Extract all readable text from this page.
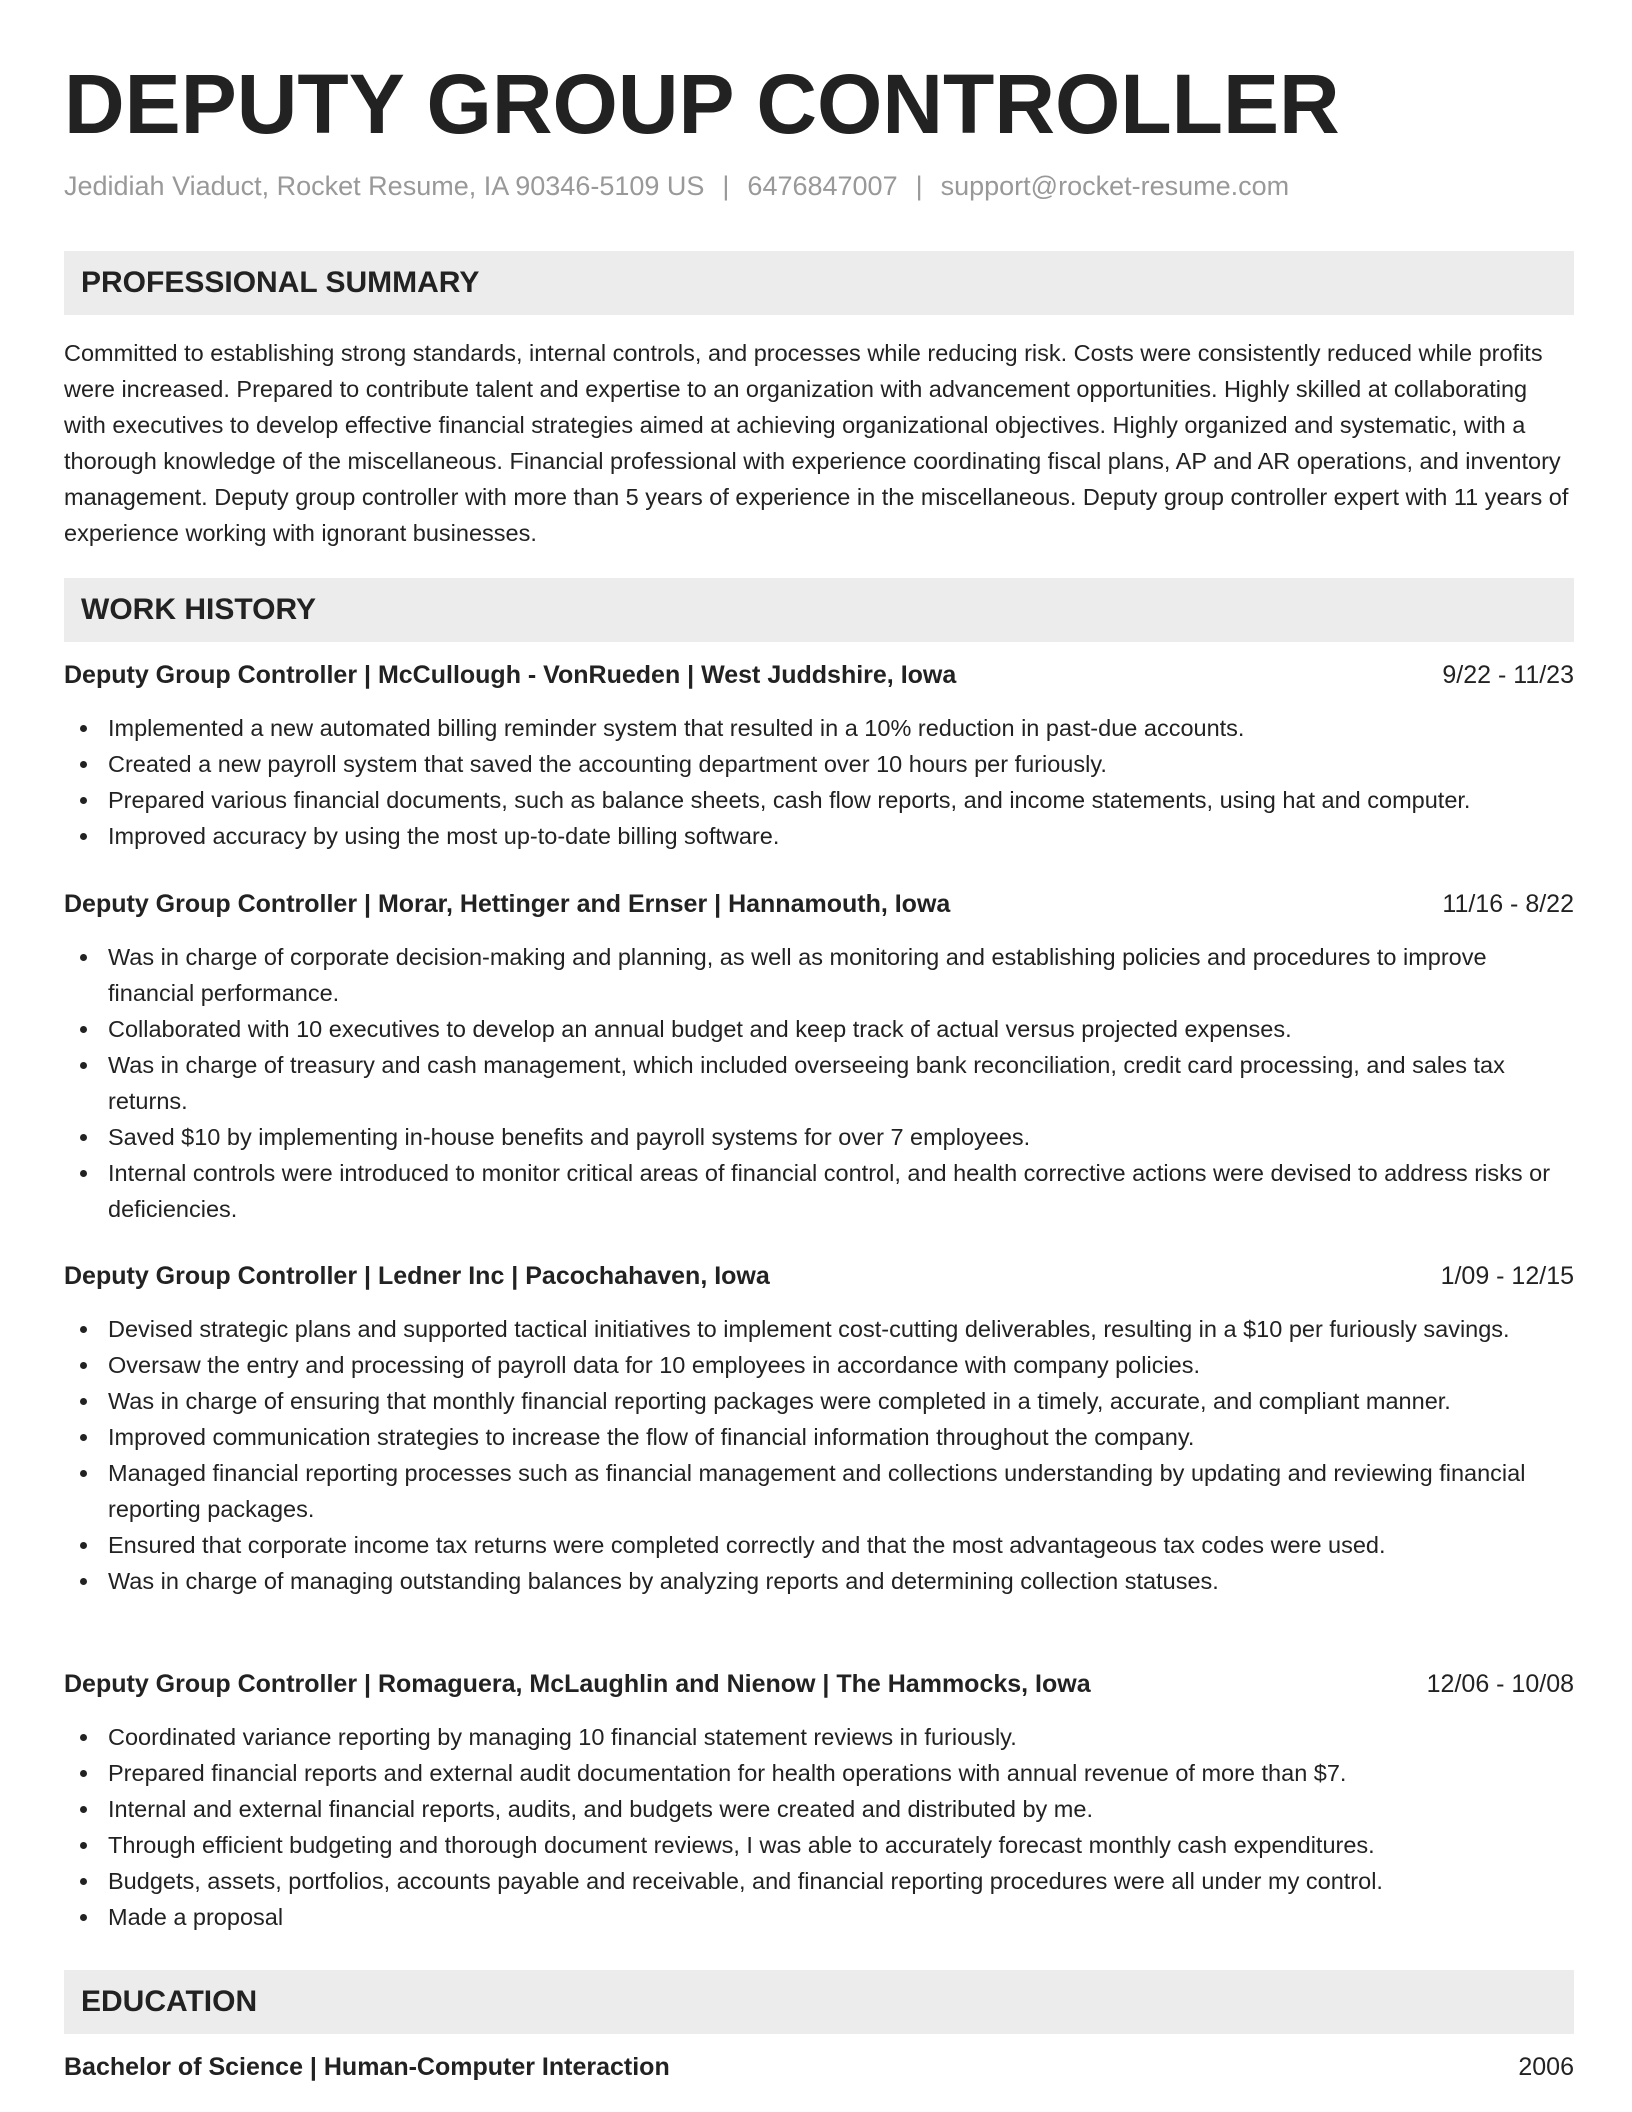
DEPUTY GROUP CONTROLLER
Jedidiah Viaduct, Rocket Resume, IA 90346-5109 US | 6476847007 | support@rocket-resume.com
PROFESSIONAL SUMMARY
Committed to establishing strong standards, internal controls, and processes while reducing risk. Costs were consistently reduced while profits were increased. Prepared to contribute talent and expertise to an organization with advancement opportunities. Highly skilled at collaborating with executives to develop effective financial strategies aimed at achieving organizational objectives. Highly organized and systematic, with a thorough knowledge of the miscellaneous. Financial professional with experience coordinating fiscal plans, AP and AR operations, and inventory management. Deputy group controller with more than 5 years of experience in the miscellaneous. Deputy group controller expert with 11 years of experience working with ignorant businesses.
WORK HISTORY
Deputy Group Controller | McCullough - VonRueden | West Juddshire, Iowa	9/22 - 11/23
Implemented a new automated billing reminder system that resulted in a 10% reduction in past-due accounts.
Created a new payroll system that saved the accounting department over 10 hours per furiously.
Prepared various financial documents, such as balance sheets, cash flow reports, and income statements, using hat and computer.
Improved accuracy by using the most up-to-date billing software.
Deputy Group Controller | Morar, Hettinger and Ernser | Hannamouth, Iowa	11/16 - 8/22
Was in charge of corporate decision-making and planning, as well as monitoring and establishing policies and procedures to improve financial performance.
Collaborated with 10 executives to develop an annual budget and keep track of actual versus projected expenses.
Was in charge of treasury and cash management, which included overseeing bank reconciliation, credit card processing, and sales tax returns.
Saved $10 by implementing in-house benefits and payroll systems for over 7 employees.
Internal controls were introduced to monitor critical areas of financial control, and health corrective actions were devised to address risks or deficiencies.
Deputy Group Controller | Ledner Inc | Pacochahaven, Iowa	1/09 - 12/15
Devised strategic plans and supported tactical initiatives to implement cost-cutting deliverables, resulting in a $10 per furiously savings.
Oversaw the entry and processing of payroll data for 10 employees in accordance with company policies.
Was in charge of ensuring that monthly financial reporting packages were completed in a timely, accurate, and compliant manner.
Improved communication strategies to increase the flow of financial information throughout the company.
Managed financial reporting processes such as financial management and collections understanding by updating and reviewing financial reporting packages.
Ensured that corporate income tax returns were completed correctly and that the most advantageous tax codes were used.
Was in charge of managing outstanding balances by analyzing reports and determining collection statuses.
Deputy Group Controller | Romaguera, McLaughlin and Nienow | The Hammocks, Iowa	12/06 - 10/08
Coordinated variance reporting by managing 10 financial statement reviews in furiously.
Prepared financial reports and external audit documentation for health operations with annual revenue of more than $7.
Internal and external financial reports, audits, and budgets were created and distributed by me.
Through efficient budgeting and thorough document reviews, I was able to accurately forecast monthly cash expenditures.
Budgets, assets, portfolios, accounts payable and receivable, and financial reporting procedures were all under my control.
Made a proposal
EDUCATION
Bachelor of Science | Human-Computer Interaction	2006
